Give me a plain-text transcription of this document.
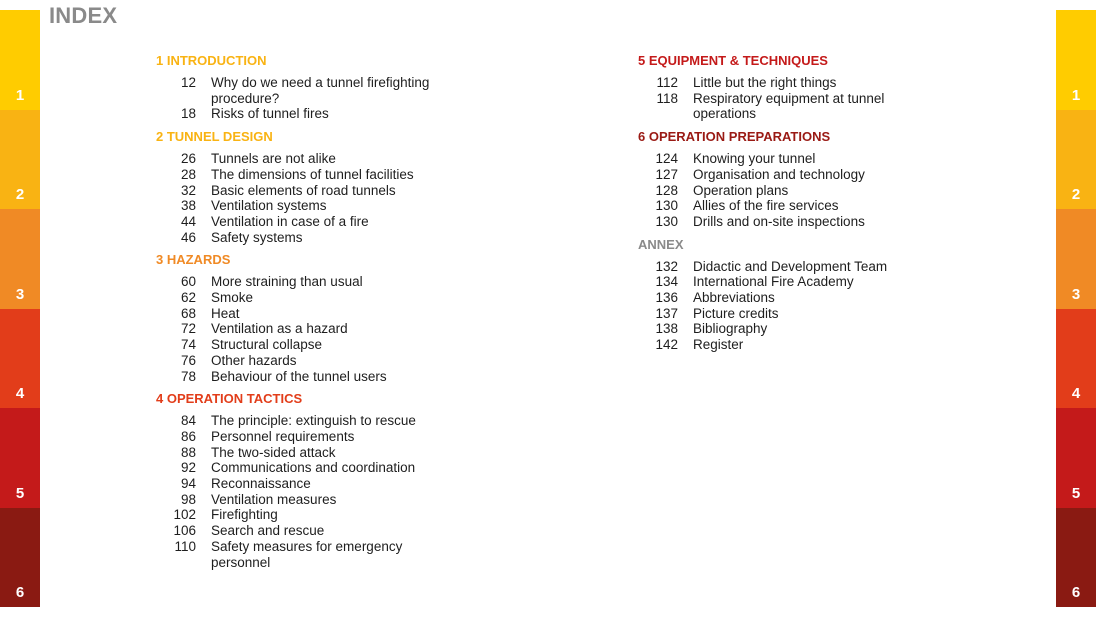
INDEX
1
2
3
4
5
6
1
2
3
4
5
6
1 INTRODUCTION
12 Why do we need a tunnel firefighting procedure?
18 Risks of tunnel fires
2 TUNNEL DESIGN
26 Tunnels are not alike
28 The dimensions of tunnel facilities
32 Basic elements of road tunnels
38 Ventilation systems
44 Ventilation in case of a fire
46 Safety systems
3 HAZARDS
60 More straining than usual
62 Smoke
68 Heat
72 Ventilation as a hazard
74 Structural collapse
76 Other hazards
78 Behaviour of the tunnel users
4 OPERATION TACTICS
84 The principle: extinguish to rescue
86 Personnel requirements
88 The two-sided attack
92 Communications and coordination
94 Reconnaissance
98 Ventilation measures
102 Firefighting
106 Search and rescue
110 Safety measures for emergency personnel
5 EQUIPMENT & TECHNIQUES
112 Little but the right things
118 Respiratory equipment at tunnel operations
6 OPERATION PREPARATIONS
124 Knowing your tunnel
127 Organisation and technology
128 Operation plans
130 Allies of the fire services
130 Drills and on-site inspections
ANNEX
132 Didactic and Development Team
134 International Fire Academy
136 Abbreviations
137 Picture credits
138 Bibliography
142 Register
